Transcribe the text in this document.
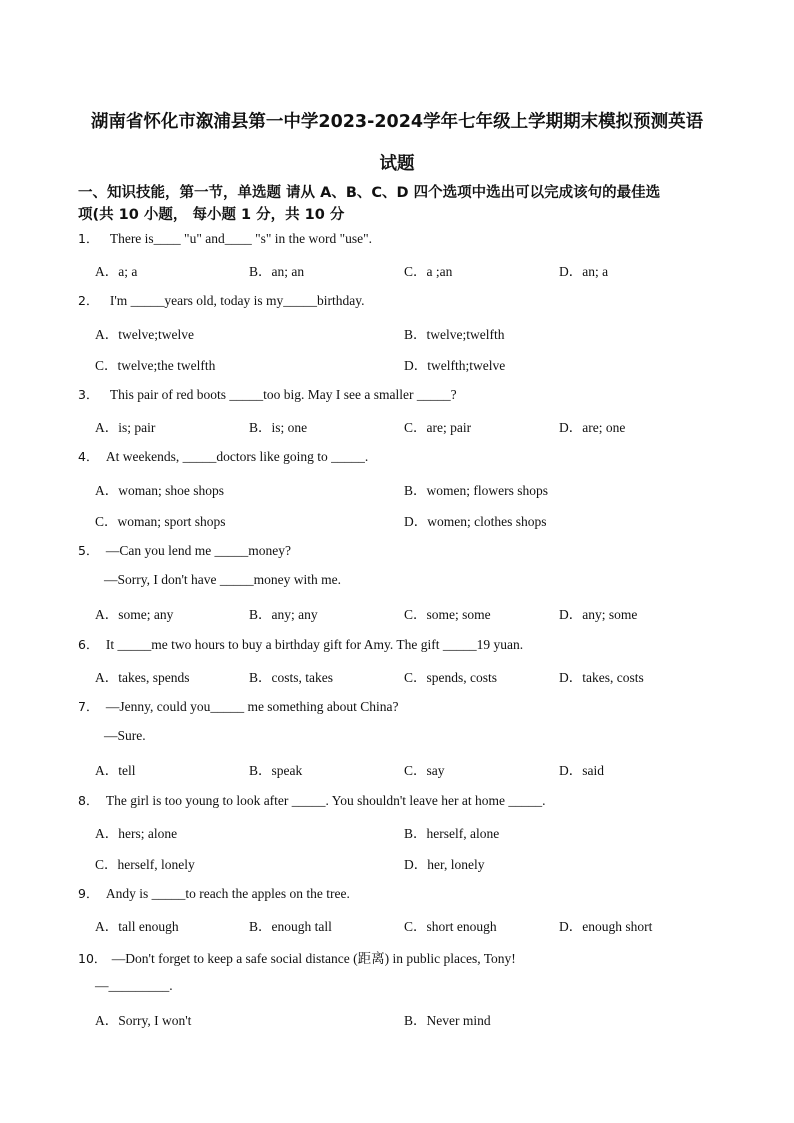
湖南省怀化市溆浦县第一中学2023-2024学年七年级上学期期末模拟预测英语
试题
一、知识技能，第一节，单选题 请从 A、B、C、D 四个选项中选出可以完成该句的最佳选
项(共 10 小题， 每小题 1 分，共 10 分
1． There is____ "u" and____ "s" in the word "use".
A．a; a	B．an; an	C．a ;an	D．an; a
2． I'm _____years old, today is my_____birthday.
A．twelve;twelve	B．twelve;twelfth
C．twelve;the twelfth	D．twelfth;twelve
3． This pair of red boots _____too big. May I see a smaller _____?
A．is; pair	B．is; one	C．are; pair	D．are; one
4． At weekends, _____doctors like going to _____.
A．woman; shoe shops	B．women; flowers shops
C．woman; sport shops	D．women; clothes shops
5． —Can you lend me _____money?
—Sorry, I don't have _____money with me.
A．some; any	B．any; any	C．some; some	D．any; some
6． It _____me two hours to buy a birthday gift for Amy. The gift _____19 yuan.
A．takes, spends	B．costs, takes	C．spends, costs	D．takes, costs
7． —Jenny, could you_____ me something about China?
—Sure.
A．tell	B．speak	C．say	D．said
8． The girl is too young to look after _____. You shouldn't leave her at home _____.
A．hers; alone	B．herself, alone
C．herself, lonely	D．her, lonely
9． Andy is _____to reach the apples on the tree.
A．tall enough	B．enough tall	C．short enough	D．enough short
10． —Don't forget to keep a safe social distance (距离) in public places, Tony!
—_________.
A．Sorry, I won't	B．Never mind
